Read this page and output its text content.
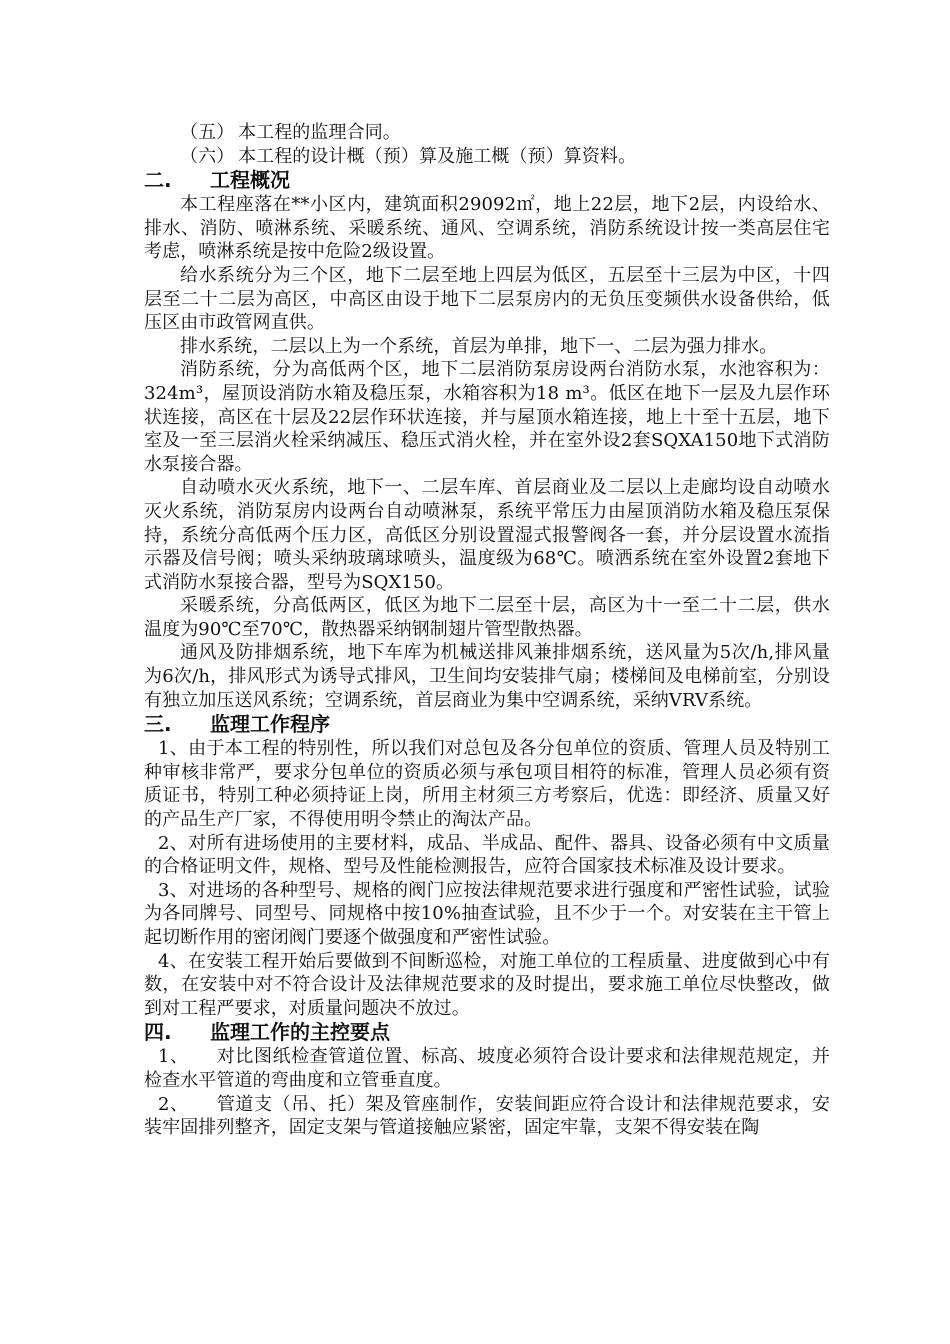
（五） 本工程的监理合同。
（六） 本工程的设计概（预）算及施工概（预）算资料。
二.	工程概况

本工程座落在**小区内，建筑面积29092㎡，地上22层，地下2层，内设给水、排水、消防、喷淋系统、采暖系统、通风、空调系统，消防系统设计按一类高层住宅考虑，喷淋系统是按中危险2级设置。

给水系统分为三个区，地下二层至地上四层为低区，五层至十三层为中区，十四层至二十二层为高区，中高区由设于地下二层泵房内的无负压变频供水设备供给，低压区由市政管网直供。

排水系统，二层以上为一个系统，首层为单排，地下一、二层为强力排水。

消防系统，分为高低两个区，地下二层消防泵房设两台消防水泵，水池容积为：324m³，屋顶设消防水箱及稳压泵，水箱容积为18 m³。低区在地下一层及九层作环状连接，高区在十层及22层作环状连接，并与屋顶水箱连接，地上十至十五层，地下室及一至三层消火栓采纳减压、稳压式消火栓，并在室外设2套SQXA150地下式消防水泵接合器。

自动喷水灭火系统，地下一、二层车库、首层商业及二层以上走廊均设自动喷水灭火系统，消防泵房内设两台自动喷淋泵，系统平常压力由屋顶消防水箱及稳压泵保持，系统分高低两个压力区，高低区分别设置湿式报警阀各一套，并分层设置水流指示器及信号阀；喷头采纳玻璃球喷头，温度级为68℃。喷洒系统在室外设置2套地下式消防水泵接合器，型号为SQX150。

采暖系统，分高低两区，低区为地下二层至十层，高区为十一至二十二层，供水温度为90℃至70℃，散热器采纳钢制翅片管型散热器。

通风及防排烟系统，地下车库为机械送排风兼排烟系统，送风量为5次/h,排风量为6次/h，排风形式为诱导式排风，卫生间均安装排气扇；楼梯间及电梯前室，分别设有独立加压送风系统；空调系统，首层商业为集中空调系统，采纳VRV系统。

三.	监理工作程序

1、由于本工程的特别性，所以我们对总包及各分包单位的资质、管理人员及特别工种审核非常严，要求分包单位的资质必须与承包项目相符的标准，管理人员必须有资质证书，特别工种必须持证上岗，所用主材须三方考察后，优选：即经济、质量又好的产品生产厂家，不得使用明令禁止的淘汰产品。

2、对所有进场使用的主要材料，成品、半成品、配件、器具、设备必须有中文质量的合格证明文件，规格、型号及性能检测报告，应符合国家技术标准及设计要求。

3、对进场的各种型号、规格的阀门应按法律规范要求进行强度和严密性试验，试验为各同牌号、同型号、同规格中按10%抽查试验，且不少于一个。对安装在主干管上起切断作用的密闭阀门要逐个做强度和严密性试验。

4、在安装工程开始后要做到不间断巡检，对施工单位的工程质量、进度做到心中有数，在安装中对不符合设计及法律规范要求的及时提出，要求施工单位尽快整改，做到对工程严要求，对质量问题决不放过。

四.	监理工作的主控要点

1、　　对比图纸检查管道位置、标高、坡度必须符合设计要求和法律规范规定，并检查水平管道的弯曲度和立管垂直度。

2、　　管道支（吊、托）架及管座制作，安装间距应符合设计和法律规范要求，安装牢固排列整齐，固定支架与管道接触应紧密，固定牢靠，支架不得安装在陶
